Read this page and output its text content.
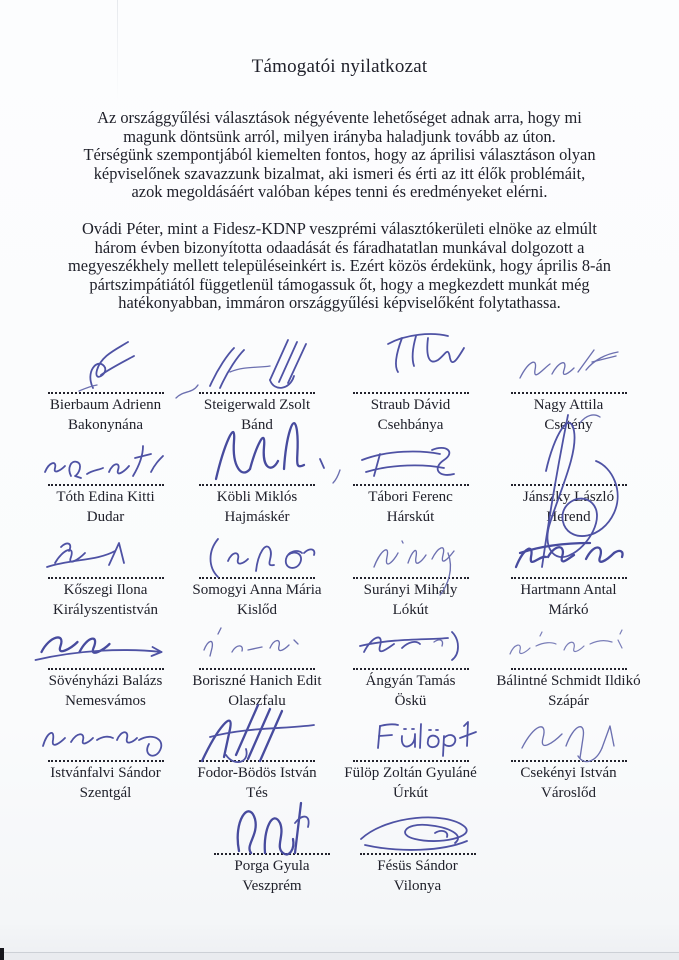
Támogatói nyilatkozat
Az országgyűlési választások négyévente lehetőséget adnak arra, hogy mi
magunk döntsünk arról, milyen irányba haladjunk tovább az úton.
Térségünk szempontjából kiemelten fontos, hogy az áprilisi választáson olyan
képviselőnek szavazzunk bizalmat, aki ismeri és érti az itt élők problémáit,
azok megoldásáért valóban képes tenni és eredményeket elérni.
Ovádi Péter, mint a Fidesz-KDNP veszprémi választókerületi elnöke az elmúlt
három évben bizonyította odaadását és fáradhatatlan munkával dolgozott a
megyeszékhely mellett településeinkért is. Ezért közös érdekünk, hogy április 8-án
pártszimpátiától függetlenül támogassuk őt, hogy a megkezdett munkát még
hatékonyabban, immáron országgyűlési képviselőként folytathassa.
Bierbaum Adrienn
Bakonynána
Steigerwald Zsolt
Bánd
Straub Dávid
Csehbánya
Nagy Attila
Csetény
Tóth Edina Kitti
Dudar
Köbli Miklós
Hajmáskér
Tábori Ferenc
Hárskút
Jánszky László
Herend
Kőszegi Ilona
Királyszentistván
Somogyi Anna Mária
Kislőd
Surányi Mihály
Lókút
Hartmann Antal
Márkó
Sövényházi Balázs
Nemesvámos
Boriszné Hanich Edit
Olaszfalu
Ángyán Tamás
Öskü
Bálintné Schmidt Ildikó
Szápár
Istvánfalvi Sándor
Szentgál
Fodor-Bödös István
Tés
Fülöp Zoltán Gyuláné
Úrkút
Csekényi István
Városlőd
Porga Gyula
Veszprém
Fésüs Sándor
Vilonya
